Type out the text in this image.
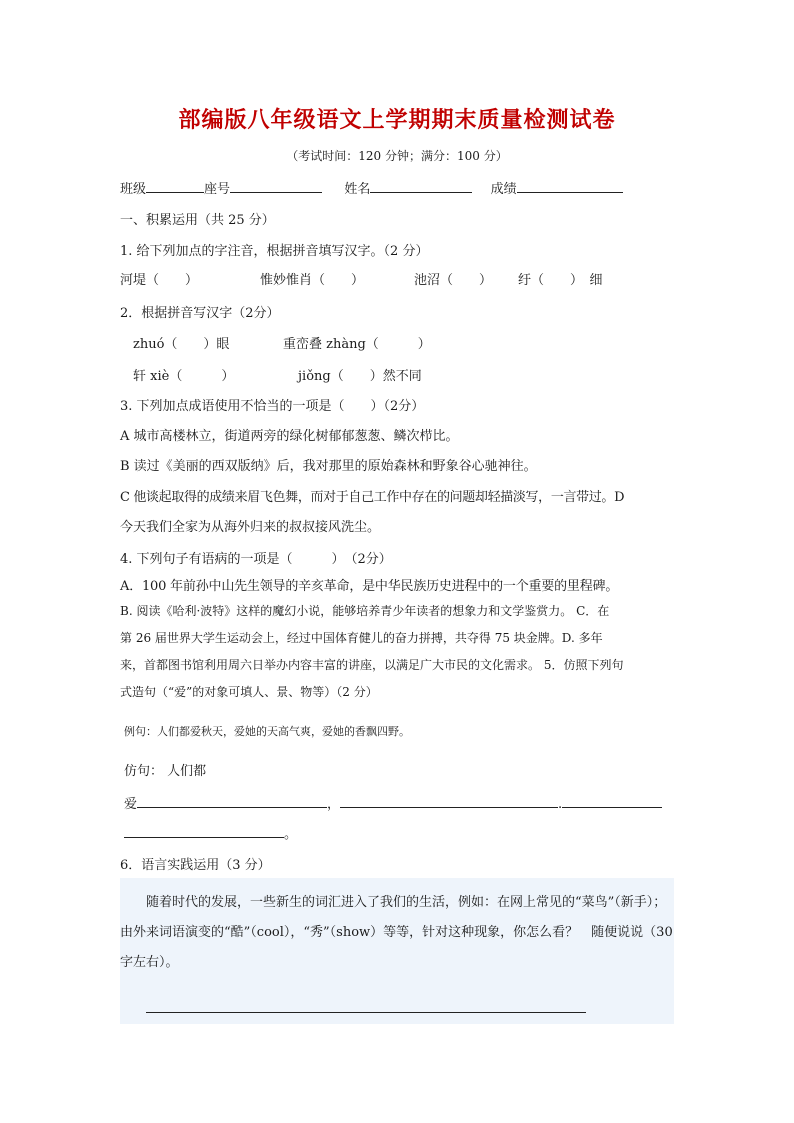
部编版八年级语文上学期期末质量检测试卷
（考试时间：120 分钟；满分：100 分）
班级	座号	姓名	成绩
一、积累运用（共 25 分）
1. 给下列加点的字注音，根据拼音填写汉字。（2 分）
河堤（　　）	惟妙惟肖（　　）	池沼（　　） 纡（　　）　细
2．根据拼音写汉字（2分）
zhuó（　　）眼	重峦叠 zhàng（　　　）
轩 xiè（　　　）	jiǒng（　　）然不同
3. 下列加点成语使用不恰当的一项是（　　）（2分）
A 城市高楼林立，街道两旁的绿化树郁郁葱葱、鳞次栉比。
B 读过《美丽的西双版纳》后，我对那里的原始森林和野象谷心驰神往。
C 他谈起取得的成绩来眉飞色舞，而对于自己工作中存在的问题却轻描淡写，一言带过。D
今天我们全家为从海外归来的叔叔接风洗尘。
4. 下列句子有语病的一项是（　　　）　（2分）
A．100 年前孙中山先生领导的辛亥革命，是中华民族历史进程中的一个重要的里程碑。
B. 阅读《哈利·波特》这样的魔幻小说，能够培养青少年读者的想象力和文学鉴赏力。 C．在
第 26 届世界大学生运动会上，经过中国体育健儿的奋力拼搏，共夺得 75 块金牌。D. 多年
来，首都图书馆利用周六日举办内容丰富的讲座，以满足广大市民的文化需求。 5．仿照下列句
式造句（“爱”的对象可填人、景、物等）（2 分）
例句：人们都爱秋天，爱她的天高气爽，爱她的香飘四野。
仿句： 人们都
爱	，	.
。
6．语言实践运用（3 分）
随着时代的发展，一些新生的词汇进入了我们的生活，例如：在网上常见的“菜鸟”（新手）；由外来词语演变的“酷”（cool），“秀”（show）等等，针对这种现象，你怎么看？　随便说说（30 字左右）。
